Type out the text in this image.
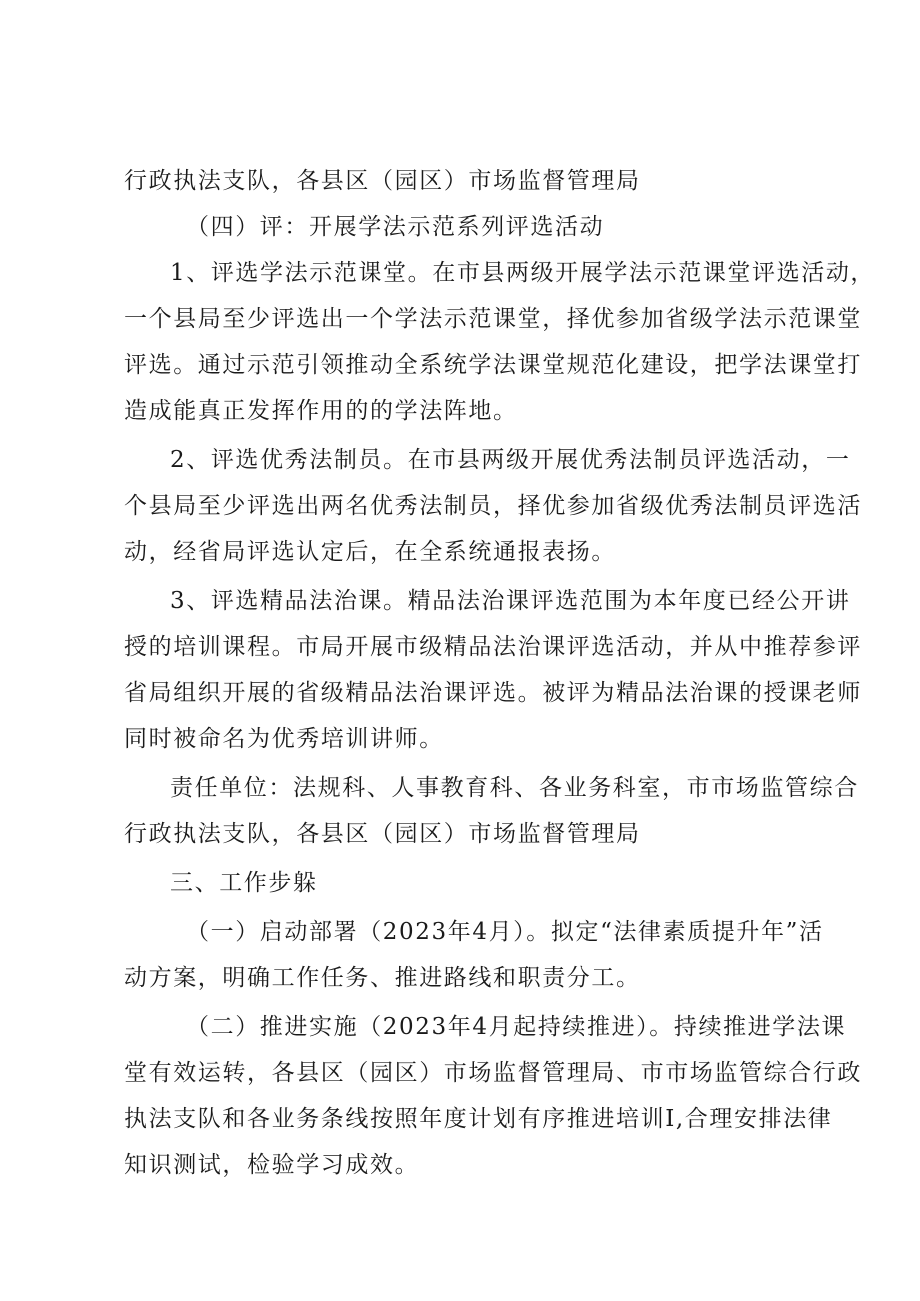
行政执法支队，各县区（园区）市场监督管理局
（四）评：开展学法示范系列评选活动
1、评选学法示范课堂。在市县两级开展学法示范课堂评选活动，
一个县局至少评选出一个学法示范课堂，择优参加省级学法示范课堂
评选。通过示范引领推动全系统学法课堂规范化建设，把学法课堂打
造成能真正发挥作用的的学法阵地。
2、评选优秀法制员。在市县两级开展优秀法制员评选活动，一
个县局至少评选出两名优秀法制员，择优参加省级优秀法制员评选活
动，经省局评选认定后，在全系统通报表扬。
3、评选精品法治课。精品法治课评选范围为本年度已经公开讲
授的培训课程。市局开展市级精品法治课评选活动，并从中推荐参评
省局组织开展的省级精品法治课评选。被评为精品法治课的授课老师
同时被命名为优秀培训讲师。
责任单位：法规科、人事教育科、各业务科室，市市场监管综合
行政执法支队，各县区（园区）市场监督管理局
三、工作步躲
（一）启动部署（2023年4月）。拟定“法律素质提升年”活
动方案，明确工作任务、推进路线和职责分工。
（二）推进实施（2023年4月起持续推进）。持续推进学法课
堂有效运转，各县区（园区）市场监督管理局、市市场监管综合行政
执法支队和各业务条线按照年度计划有序推进培训Ⅰ,合理安排法律
知识测试，检验学习成效。
